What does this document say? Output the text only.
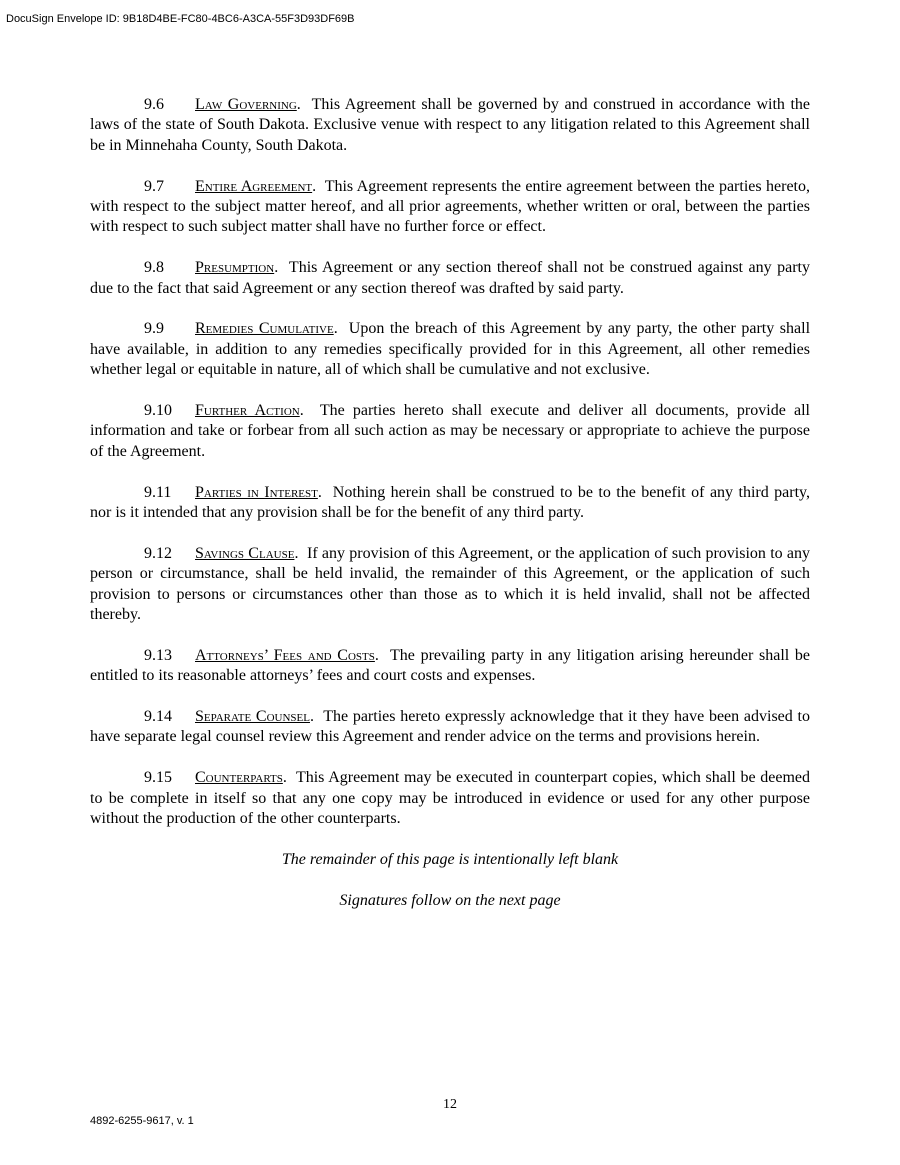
DocuSign Envelope ID: 9B18D4BE-FC80-4BC6-A3CA-55F3D93DF69B

9.6 Law Governing.  This Agreement shall be governed by and construed in accordance with the laws of the state of South Dakota. Exclusive venue with respect to any litigation related to this Agreement shall be in Minnehaha County, South Dakota.

9.7 Entire Agreement.  This Agreement represents the entire agreement between the parties hereto, with respect to the subject matter hereof, and all prior agreements, whether written or oral, between the parties with respect to such subject matter shall have no further force or effect.

9.8 Presumption.  This Agreement or any section thereof shall not be construed against any party due to the fact that said Agreement or any section thereof was drafted by said party.

9.9 Remedies Cumulative.  Upon the breach of this Agreement by any party, the other party shall have available, in addition to any remedies specifically provided for in this Agreement, all other remedies whether legal or equitable in nature, all of which shall be cumulative and not exclusive.

9.10 Further Action.  The parties hereto shall execute and deliver all documents, provide all information and take or forbear from all such action as may be necessary or appropriate to achieve the purpose of the Agreement.

9.11 Parties in Interest.  Nothing herein shall be construed to be to the benefit of any third party, nor is it intended that any provision shall be for the benefit of any third party.

9.12 Savings Clause.  If any provision of this Agreement, or the application of such provision to any person or circumstance, shall be held invalid, the remainder of this Agreement, or the application of such provision to persons or circumstances other than those as to which it is held invalid, shall not be affected thereby.

9.13 Attorneys’ Fees and Costs.  The prevailing party in any litigation arising hereunder shall be entitled to its reasonable attorneys’ fees and court costs and expenses.

9.14 Separate Counsel.  The parties hereto expressly acknowledge that it they have been advised to have separate legal counsel review this Agreement and render advice on the terms and provisions herein.

9.15 Counterparts.  This Agreement may be executed in counterpart copies, which shall be deemed to be complete in itself so that any one copy may be introduced in evidence or used for any other purpose without the production of the other counterparts.

The remainder of this page is intentionally left blank

Signatures follow on the next page

12
4892-6255-9617, v. 1
